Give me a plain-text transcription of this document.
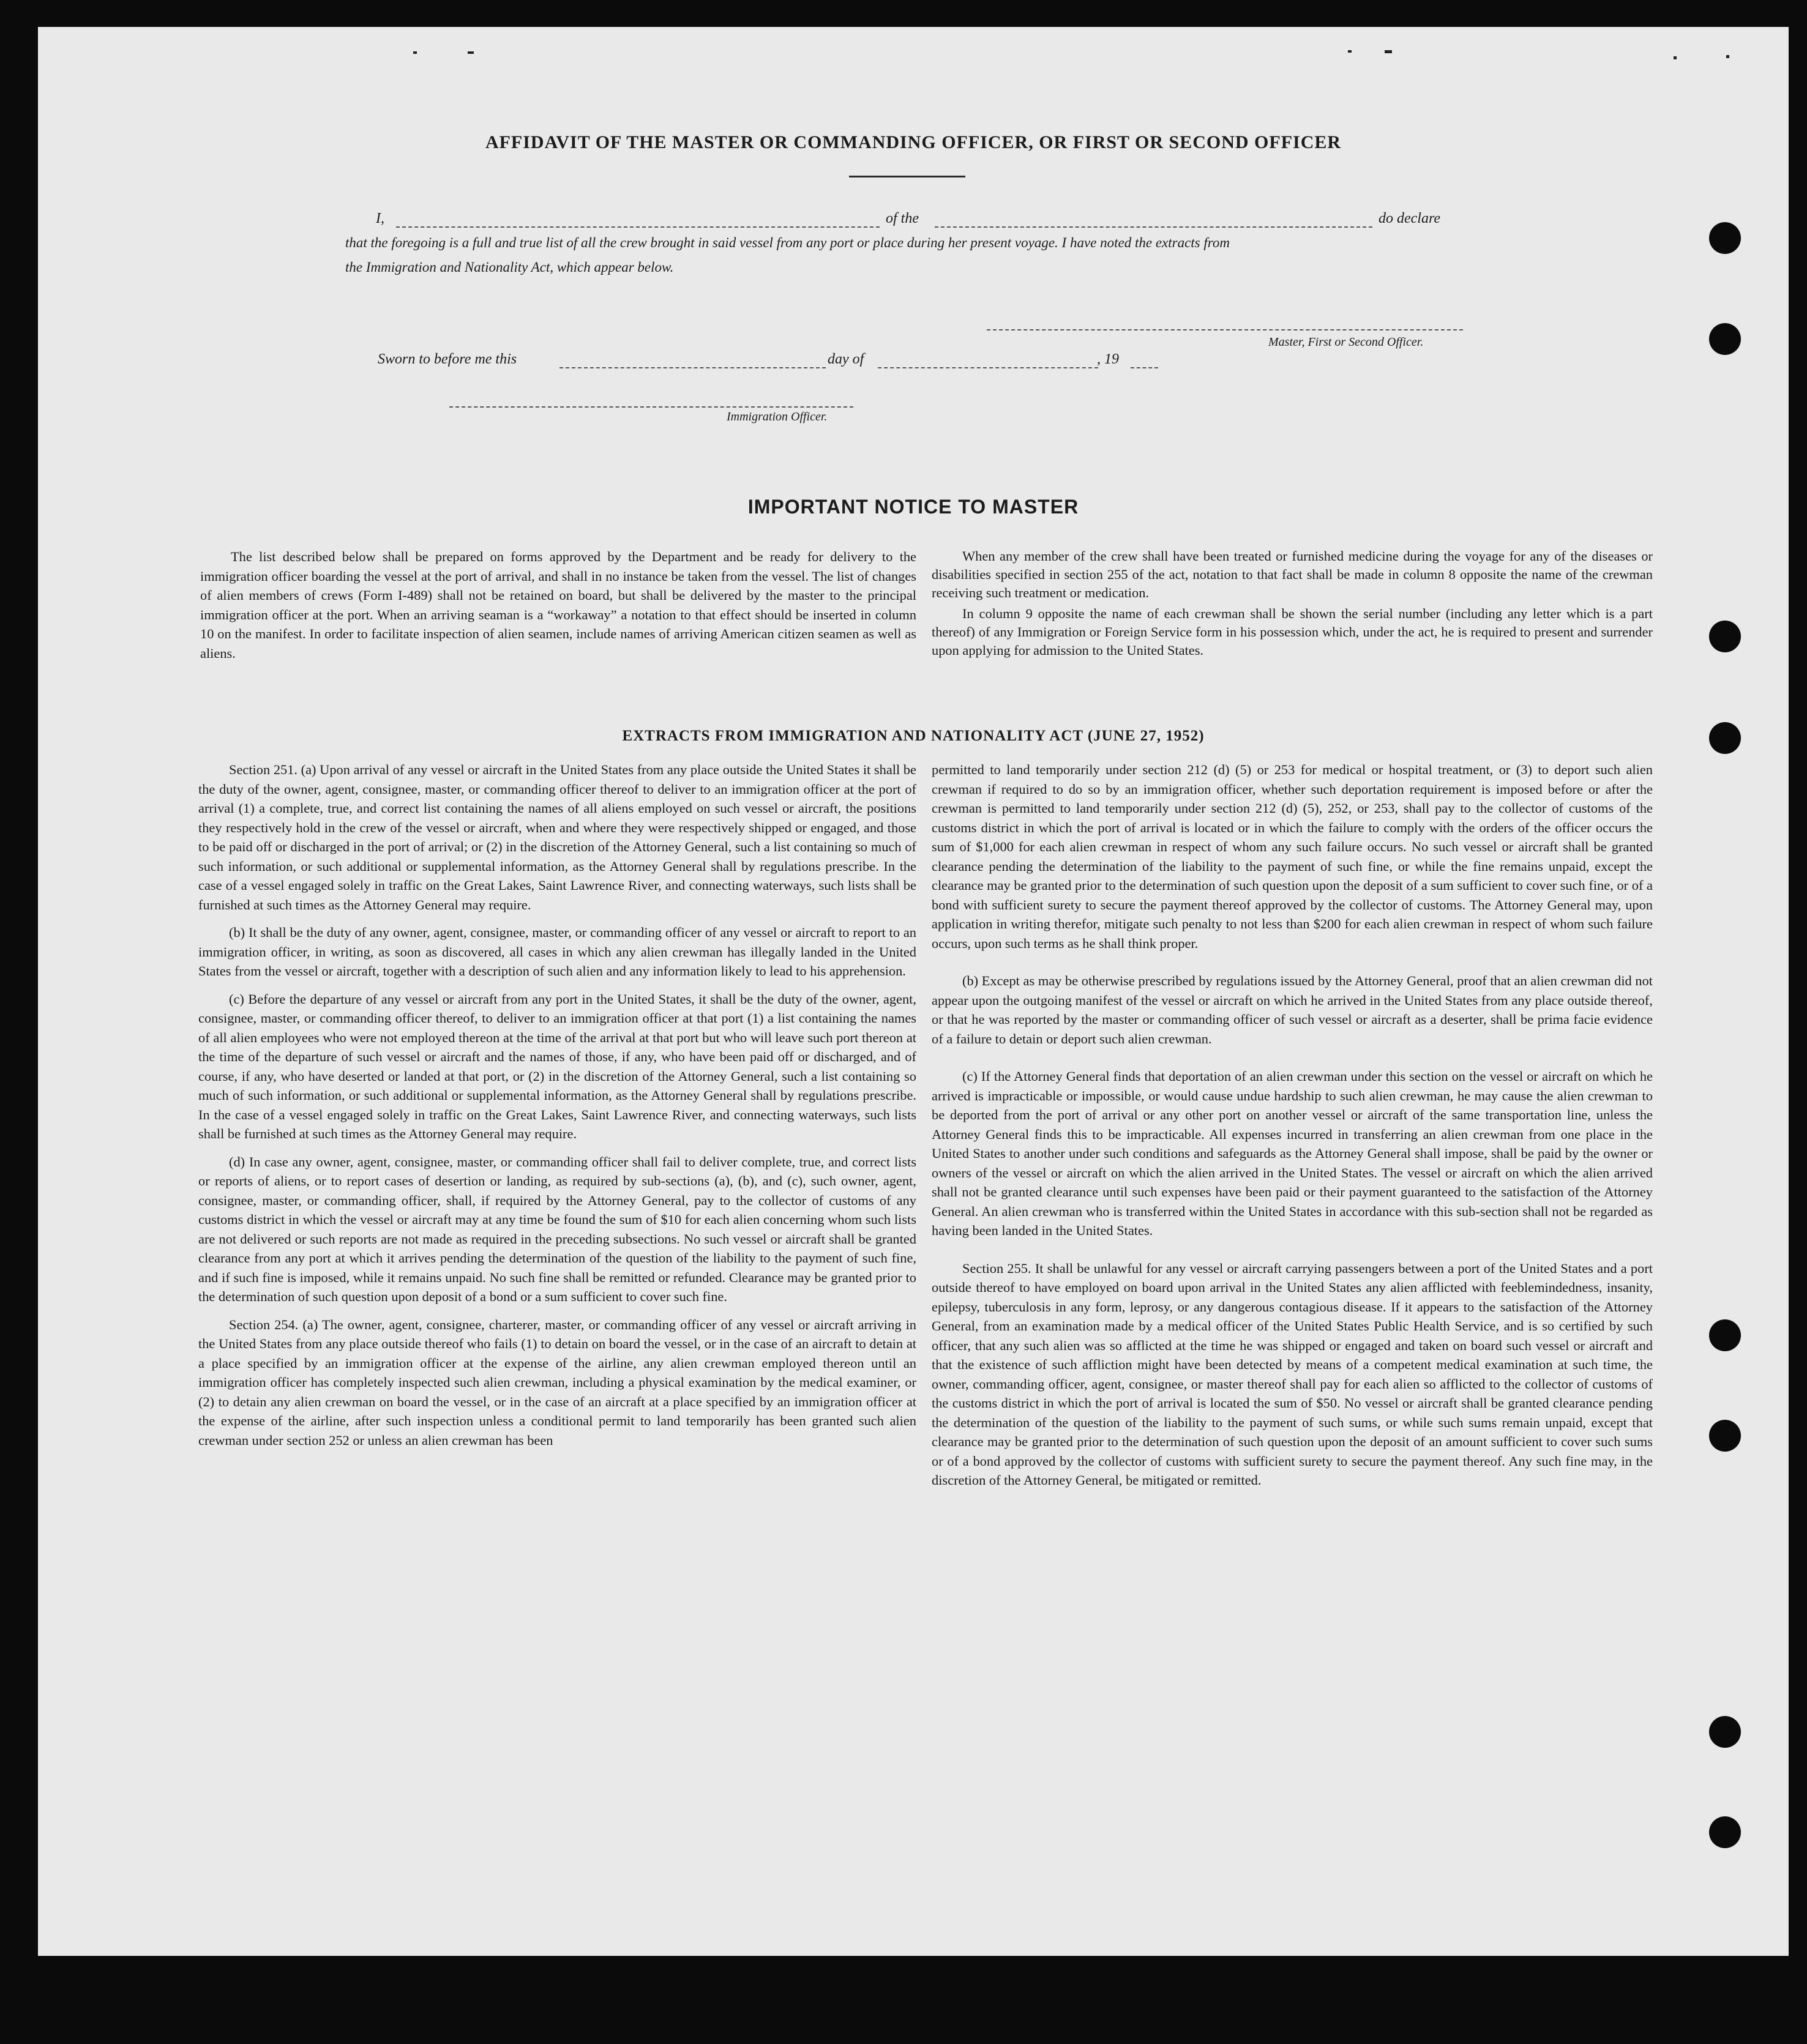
AFFIDAVIT OF THE MASTER OR COMMANDING OFFICER, OR FIRST OR SECOND OFFICER
I,	of the	do declare
that the foregoing is a full and true list of all the crew brought in said vessel from any port or place during her present voyage. I have noted the extracts from
the Immigration and Nationality Act, which appear below.
Master, First or Second Officer.
Sworn to before me this	day of	, 19
Immigration Officer.
IMPORTANT NOTICE TO MASTER

The list described below shall be prepared on forms approved by the Department and be ready for delivery to the immigration officer boarding the vessel at the port of arrival, and shall in no instance be taken from the vessel. The list of changes of alien members of crews (Form I-489) shall not be retained on board, but shall be delivered by the master to the principal immigration officer at the port. When an arriving seaman is a “workaway” a notation to that effect should be inserted in column 10 on the manifest. In order to facilitate inspection of alien seamen, include names of arriving American citizen seamen as well as aliens.

When any member of the crew shall have been treated or furnished medicine during the voyage for any of the diseases or disabilities specified in section 255 of the act, notation to that fact shall be made in column 8 opposite the name of the crewman receiving such treatment or medication.

In column 9 opposite the name of each crewman shall be shown the serial number (including any letter which is a part thereof) of any Immigration or Foreign Service form in his possession which, under the act, he is required to present and surrender upon applying for admission to the United States.

EXTRACTS FROM IMMIGRATION AND NATIONALITY ACT (JUNE 27, 1952)

Section 251. (a) Upon arrival of any vessel or aircraft in the United States from any place outside the United States it shall be the duty of the owner, agent, consignee, master, or commanding officer thereof to deliver to an immigration officer at the port of arrival (1) a complete, true, and correct list containing the names of all aliens employed on such vessel or aircraft, the positions they respectively hold in the crew of the vessel or aircraft, when and where they were respectively shipped or engaged, and those to be paid off or discharged in the port of arrival; or (2) in the discretion of the Attorney General, such a list containing so much of such information, or such additional or supplemental information, as the Attorney General shall by regulations prescribe. In the case of a vessel engaged solely in traffic on the Great Lakes, Saint Lawrence River, and connecting waterways, such lists shall be furnished at such times as the Attorney General may require.

(b) It shall be the duty of any owner, agent, consignee, master, or commanding officer of any vessel or aircraft to report to an immigration officer, in writing, as soon as discovered, all cases in which any alien crewman has illegally landed in the United States from the vessel or aircraft, together with a description of such alien and any information likely to lead to his apprehension.

(c) Before the departure of any vessel or aircraft from any port in the United States, it shall be the duty of the owner, agent, consignee, master, or commanding officer thereof, to deliver to an immigration officer at that port (1) a list containing the names of all alien employees who were not employed thereon at the time of the arrival at that port but who will leave such port thereon at the time of the departure of such vessel or aircraft and the names of those, if any, who have been paid off or discharged, and of course, if any, who have deserted or landed at that port, or (2) in the discretion of the Attorney General, such a list containing so much of such information, or such additional or supplemental information, as the Attorney General shall by regulations prescribe. In the case of a vessel engaged solely in traffic on the Great Lakes, Saint Lawrence River, and connecting waterways, such lists shall be furnished at such times as the Attorney General may require.

(d) In case any owner, agent, consignee, master, or commanding officer shall fail to deliver complete, true, and correct lists or reports of aliens, or to report cases of desertion or landing, as required by sub-sections (a), (b), and (c), such owner, agent, consignee, master, or commanding officer, shall, if required by the Attorney General, pay to the collector of customs of any customs district in which the vessel or aircraft may at any time be found the sum of $10 for each alien concerning whom such lists are not delivered or such reports are not made as required in the preceding subsections. No such vessel or aircraft shall be granted clearance from any port at which it arrives pending the determination of the question of the liability to the payment of such fine, and if such fine is imposed, while it remains unpaid. No such fine shall be remitted or refunded. Clearance may be granted prior to the determination of such question upon deposit of a bond or a sum sufficient to cover such fine.

Section 254. (a) The owner, agent, consignee, charterer, master, or commanding officer of any vessel or aircraft arriving in the United States from any place outside thereof who fails (1) to detain on board the vessel, or in the case of an aircraft to detain at a place specified by an immigration officer at the expense of the airline, any alien crewman employed thereon until an immigration officer has completely inspected such alien crewman, including a physical examination by the medical examiner, or (2) to detain any alien crewman on board the vessel, or in the case of an aircraft at a place specified by an immigration officer at the expense of the airline, after such inspection unless a conditional permit to land temporarily has been granted such alien crewman under section 252 or unless an alien crewman has been

permitted to land temporarily under section 212 (d) (5) or 253 for medical or hospital treatment, or (3) to deport such alien crewman if required to do so by an immigration officer, whether such deportation requirement is imposed before or after the crewman is permitted to land temporarily under section 212 (d) (5), 252, or 253, shall pay to the collector of customs of the customs district in which the port of arrival is located or in which the failure to comply with the orders of the officer occurs the sum of $1,000 for each alien crewman in respect of whom any such failure occurs. No such vessel or aircraft shall be granted clearance pending the determination of the liability to the payment of such fine, or while the fine remains unpaid, except the clearance may be granted prior to the determination of such question upon the deposit of a sum sufficient to cover such fine, or of a bond with sufficient surety to secure the payment thereof approved by the collector of customs. The Attorney General may, upon application in writing therefor, mitigate such penalty to not less than $200 for each alien crewman in respect of whom such failure occurs, upon such terms as he shall think proper.

(b) Except as may be otherwise prescribed by regulations issued by the Attorney General, proof that an alien crewman did not appear upon the outgoing manifest of the vessel or aircraft on which he arrived in the United States from any place outside thereof, or that he was reported by the master or commanding officer of such vessel or aircraft as a deserter, shall be prima facie evidence of a failure to detain or deport such alien crewman.

(c) If the Attorney General finds that deportation of an alien crewman under this section on the vessel or aircraft on which he arrived is impracticable or impossible, or would cause undue hardship to such alien crewman, he may cause the alien crewman to be deported from the port of arrival or any other port on another vessel or aircraft of the same transportation line, unless the Attorney General finds this to be impracticable. All expenses incurred in transferring an alien crewman from one place in the United States to another under such conditions and safeguards as the Attorney General shall impose, shall be paid by the owner or owners of the vessel or aircraft on which the alien arrived in the United States. The vessel or aircraft on which the alien arrived shall not be granted clearance until such expenses have been paid or their payment guaranteed to the satisfaction of the Attorney General. An alien crewman who is transferred within the United States in accordance with this sub-section shall not be regarded as having been landed in the United States.

Section 255. It shall be unlawful for any vessel or aircraft carrying passengers between a port of the United States and a port outside thereof to have employed on board upon arrival in the United States any alien afflicted with feeblemindedness, insanity, epilepsy, tuberculosis in any form, leprosy, or any dangerous contagious disease. If it appears to the satisfaction of the Attorney General, from an examination made by a medical officer of the United States Public Health Service, and is so certified by such officer, that any such alien was so afflicted at the time he was shipped or engaged and taken on board such vessel or aircraft and that the existence of such affliction might have been detected by means of a competent medical examination at such time, the owner, commanding officer, agent, consignee, or master thereof shall pay for each alien so afflicted to the collector of customs of the customs district in which the port of arrival is located the sum of $50. No vessel or aircraft shall be granted clearance pending the determination of the question of the liability to the payment of such sums, or while such sums remain unpaid, except that clearance may be granted prior to the determination of such question upon the deposit of an amount sufficient to cover such sums or of a bond approved by the collector of customs with sufficient surety to secure the payment thereof. Any such fine may, in the discretion of the Attorney General, be mitigated or remitted.
